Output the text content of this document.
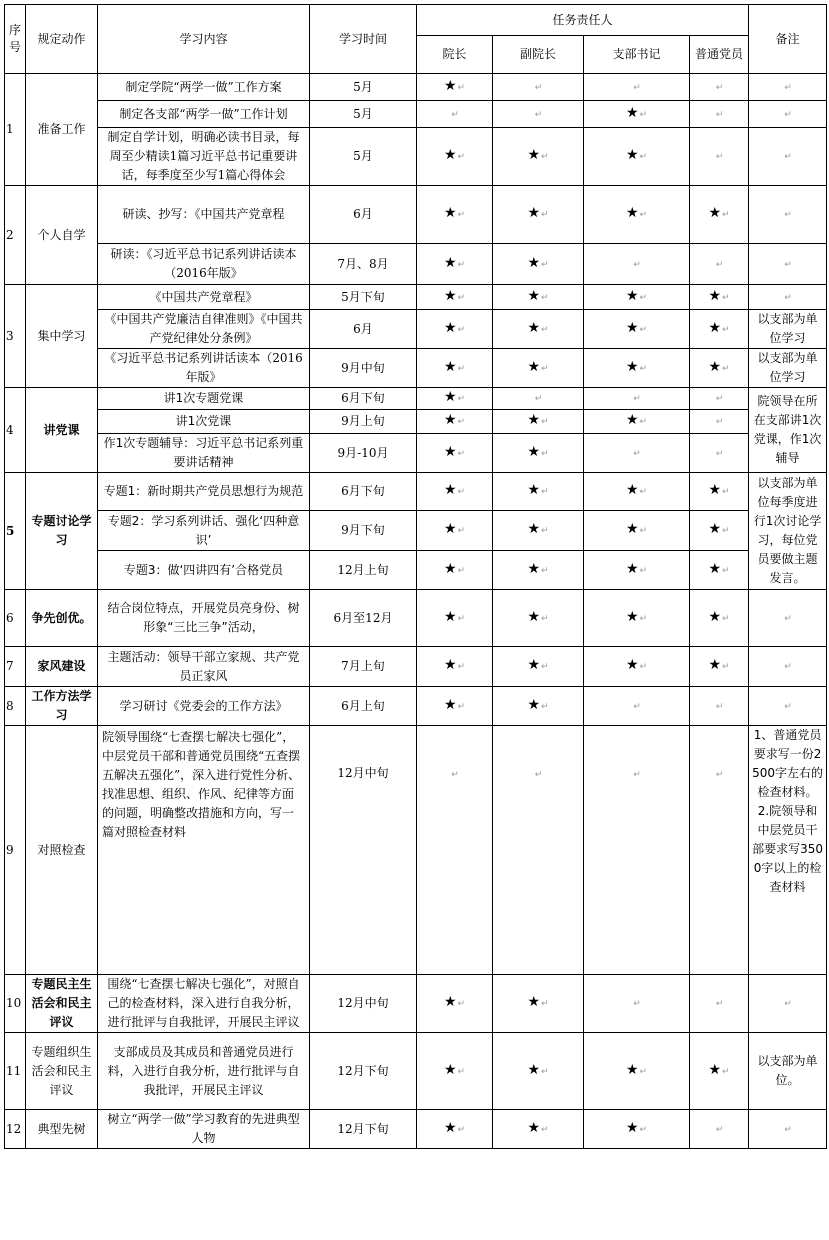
序号	规定动作	学习内容	学习时间	任务责任人				备注
				院长	副院长	支部书记	普通党员	
1	准备工作	制定学院“两学一做”工作方案	5月	★↵	↵	↵	↵	↵
		制定各支部“两学一做”工作计划	5月	↵	↵	★↵	↵	↵
		制定自学计划，明确必读书目录，每周至少精读1篇习近平总书记重要讲话，每季度至少写1篇心得体会	5月	★↵	★↵	★↵	↵	↵
2	个人自学	研读、抄写：《中国共产党章程	6月	★↵	★↵	★↵	★↵	↵
		研读：《习近平总书记系列讲话读本（2016年版》	7月、8月	★↵	★↵	↵	↵	↵
3	集中学习	《中国共产党章程》	5月下旬	★↵	★↵	★↵	★↵	↵
		《中国共产党廉洁自律准则》《中国共产党纪律处分条例》	6月	★↵	★↵	★↵	★↵	以支部为单位学习
		《习近平总书记系列讲话读本（2016年版》	9月中旬	★↵	★↵	★↵	★↵	以支部为单位学习
4	讲党课	讲1次专题党课	6月下旬	★↵	↵	↵	↵	院领导在所在支部讲1次党课，作1次辅导
		讲1次党课	9月上旬	★↵	★↵	★↵	↵	
		作1次专题辅导：习近平总书记系列重要讲话精神	9月-10月	★↵	★↵	↵	↵	
5	专题讨论学习	专题1：新时期共产党员思想行为规范	6月下旬	★↵	★↵	★↵	★↵	以支部为单位每季度进行1次讨论学习，每位党员要做主题发言。
		专题2：学习系列讲话、强化‘四种意识’	9月下旬	★↵	★↵	★↵	★↵	
		专题3：做‘四讲四有’合格党员	12月上旬	★↵	★↵	★↵	★↵	
6	争先创优。	结合岗位特点，开展党员亮身份、树形象“三比三争”活动，	6月至12月	★↵	★↵	★↵	★↵	↵
7	家风建设	主题活动：领导干部立家规、共产党员正家风	7月上旬	★↵	★↵	★↵	★↵	↵
8	工作方法学习	学习研讨《党委会的工作方法》	6月上旬	★↵	★↵	↵	↵	↵
9	对照检查	院领导围绕“七查摆七解决七强化”，中层党员干部和普通党员围绕“五查摆五解决五强化”，深入进行党性分析、找准思想、组织、作风、纪律等方面的问题，明确整改措施和方向，写一篇对照检查材料	12月中旬	↵	↵	↵	↵	1、普通党员要求写一份2500字左右的检查材料。2.院领导和中层党员干部要求写3500字以上的检查材料
10	专题民主生活会和民主评议	围绕“七查摆七解决七强化”，对照自己的检查材料，深入进行自我分析，进行批评与自我批评，开展民主评议	12月中旬	★↵	★↵	↵	↵	↵
11	专题组织生活会和民主评议	支部成员及其成员和普通党员进行料，入进行自我分析，进行批评与自我批评，开展民主评议	12月下旬	★↵	★↵	★↵	★↵	以支部为单位。
12	典型先树	树立“两学一做”学习教育的先进典型人物	12月下旬	★↵	★↵	★↵	↵	↵
